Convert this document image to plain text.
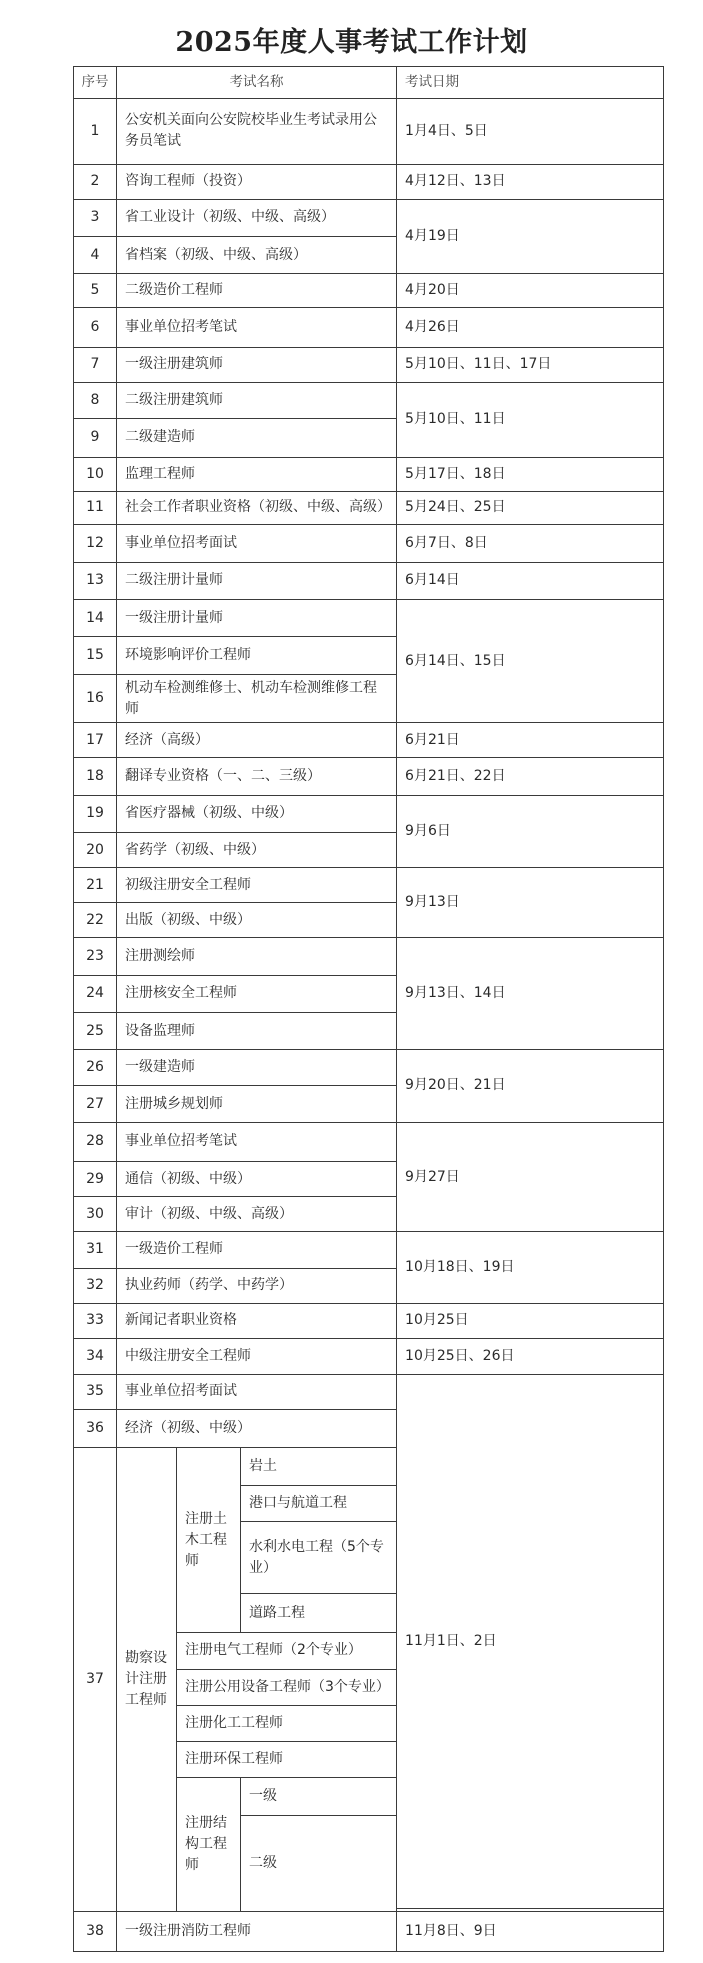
2025年度人事考试工作计划
序号	考试名称			考试日期	
1	公安机关面向公安院校毕业生考试录用公务员笔试			1月4日、5日	
2	咨询工程师（投资）			4月12日、13日	
3	省工业设计（初级、中级、高级）			4月19日	
4	省档案（初级、中级、高级）				
5	二级造价工程师			4月20日	
6	事业单位招考笔试			4月26日	
7	一级注册建筑师			5月10日、11日、17日	
8	二级注册建筑师			5月10日、11日	
9	二级建造师				
10	监理工程师			5月17日、18日	
11	社会工作者职业资格（初级、中级、高级）			5月24日、25日	
12	事业单位招考面试			6月7日、8日	
13	二级注册计量师			6月14日	
14	一级注册计量师			6月14日、15日	
15	环境影响评价工程师				
16	机动车检测维修士、机动车检测维修工程师				
17	经济（高级）			6月21日	
18	翻译专业资格（一、二、三级）			6月21日、22日	
19	省医疗器械（初级、中级）			9月6日	
20	省药学（初级、中级）				
21	初级注册安全工程师			9月13日	
22	出版（初级、中级）				
23	注册测绘师			9月13日、14日	
24	注册核安全工程师				
25	设备监理师				
26	一级建造师			9月20日、21日	
27	注册城乡规划师				
28	事业单位招考笔试			9月27日	
29	通信（初级、中级）				
30	审计（初级、中级、高级）				
31	一级造价工程师			10月18日、19日	
32	执业药师（药学、中药学）				
33	新闻记者职业资格			10月25日	
34	中级注册安全工程师			10月25日、26日	
35	事业单位招考面试			11月1日、2日	
36	经济（初级、中级）				
37	勘察设计注册工程师	注册土木工程师	岩土		
			港口与航道工程		
			水利水电工程（5个专业）		

			道路工程		
		注册电气工程师（2个专业）			
		注册公用设备工程师（3个专业）			
		注册化工工程师			
		注册环保工程师			
		注册结构工程师	一级		

			二级	

38	一级注册消防工程师			11月8日、9日	
